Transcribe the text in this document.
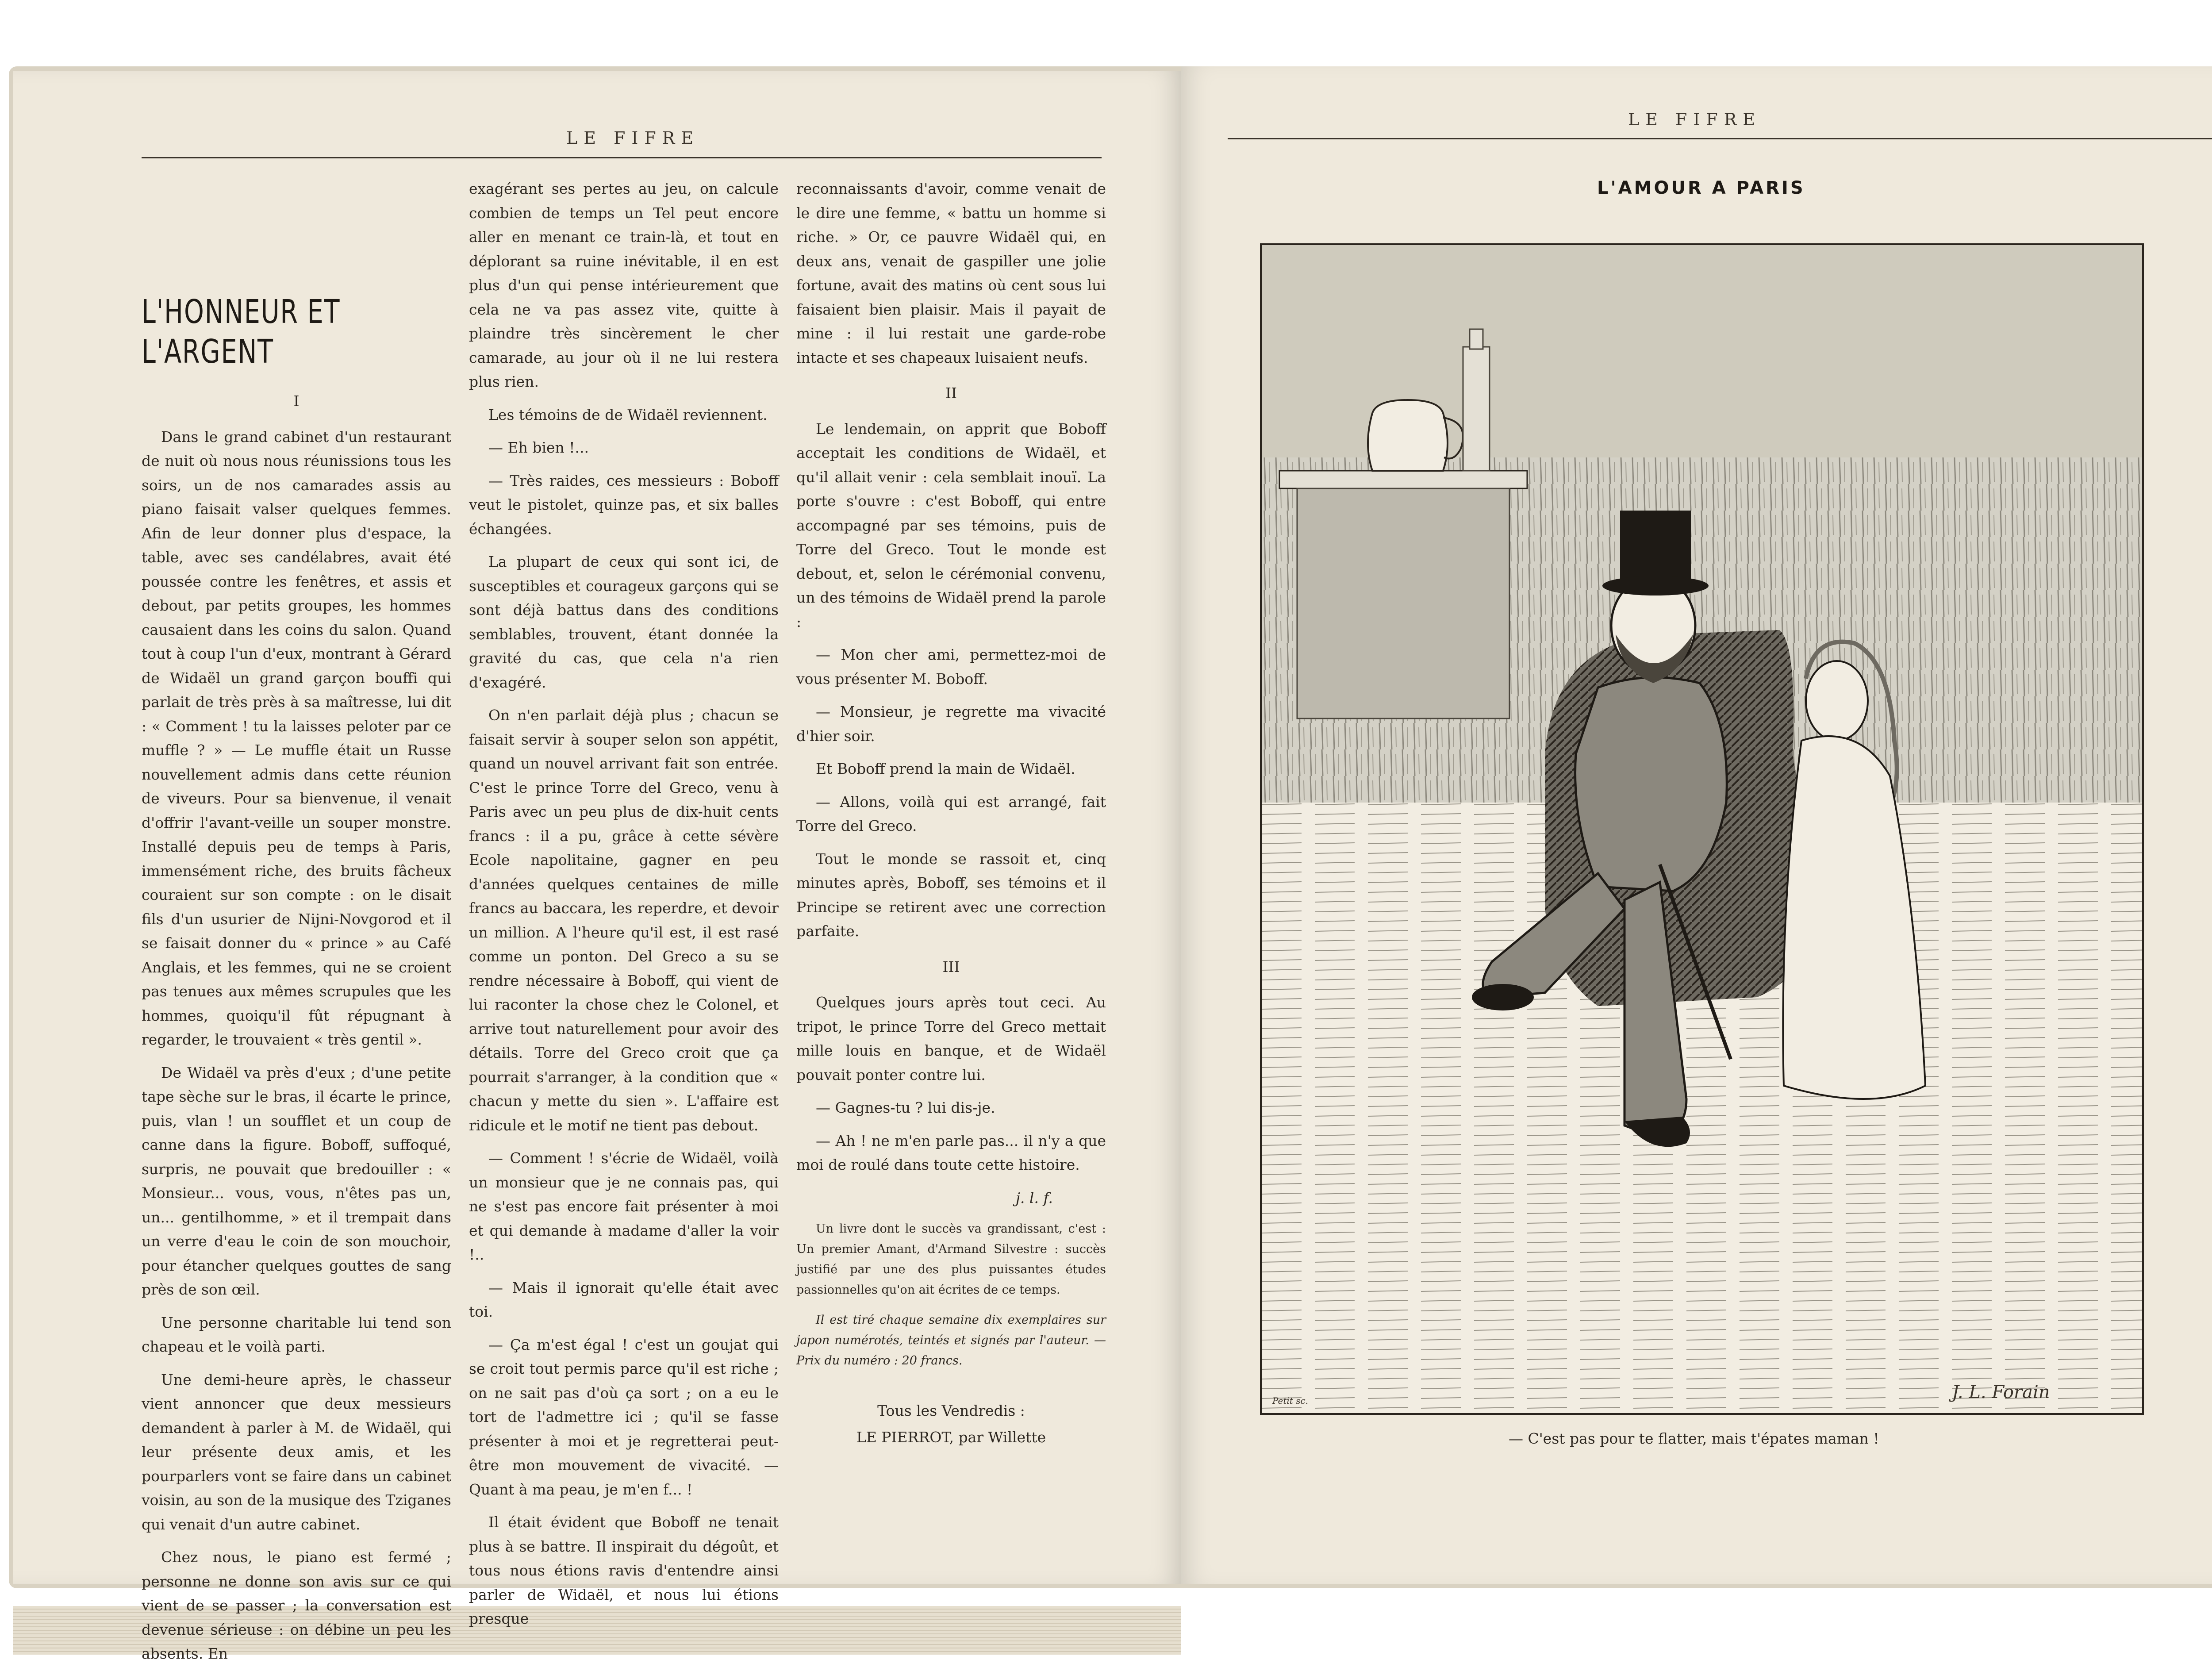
LE FIFRE
L'HONNEUR ET L'ARGENT

I

Dans le grand cabinet d'un restaurant de nuit où nous nous réunissions tous les soirs, un de nos camarades assis au piano faisait valser quelques femmes. Afin de leur donner plus d'espace, la table, avec ses candélabres, avait été poussée contre les fenêtres, et assis et debout, par petits groupes, les hommes causaient dans les coins du salon. Quand tout à coup l'un d'eux, montrant à Gérard de Widaël un grand garçon bouffi qui parlait de très près à sa maîtresse, lui dit : « Comment ! tu la laisses peloter par ce muffle ? » — Le muffle était un Russe nouvellement admis dans cette réunion de viveurs. Pour sa bienvenue, il venait d'offrir l'avant-veille un souper monstre. Installé depuis peu de temps à Paris, immensément riche, des bruits fâcheux couraient sur son compte : on le disait fils d'un usurier de Nijni-Novgorod et il se faisait donner du « prince » au Café Anglais, et les femmes, qui ne se croient pas tenues aux mêmes scrupules que les hommes, quoiqu'il fût répugnant à regarder, le trouvaient « très gentil ».

De Widaël va près d'eux ; d'une petite tape sèche sur le bras, il écarte le prince, puis, vlan ! un soufflet et un coup de canne dans la figure. Boboff, suffoqué, surpris, ne pouvait que bredouiller : « Monsieur... vous, vous, n'êtes pas un, un... gentilhomme, » et il trempait dans un verre d'eau le coin de son mouchoir, pour étancher quelques gouttes de sang près de son œil.

Une personne charitable lui tend son chapeau et le voilà parti.

Une demi-heure après, le chasseur vient annoncer que deux messieurs demandent à parler à M. de Widaël, qui leur présente deux amis, et les pourparlers vont se faire dans un cabinet voisin, au son de la musique des Tziganes qui venait d'un autre cabinet.

Chez nous, le piano est fermé ; personne ne donne son avis sur ce qui vient de se passer ; la conversation est devenue sérieuse : on débine un peu les absents. En

exagérant ses pertes au jeu, on calcule combien de temps un Tel peut encore aller en menant ce train-là, et tout en déplorant sa ruine inévitable, il en est plus d'un qui pense intérieurement que cela ne va pas assez vite, quitte à plaindre très sincèrement le cher camarade, au jour où il ne lui restera plus rien.

Les témoins de de Widaël reviennent.

— Eh bien !...

— Très raides, ces messieurs : Boboff veut le pistolet, quinze pas, et six balles échangées.

La plupart de ceux qui sont ici, de susceptibles et courageux garçons qui se sont déjà battus dans des conditions semblables, trouvent, étant donnée la gravité du cas, que cela n'a rien d'exagéré.

On n'en parlait déjà plus ; chacun se faisait servir à souper selon son appétit, quand un nouvel arrivant fait son entrée. C'est le prince Torre del Greco, venu à Paris avec un peu plus de dix-huit cents francs : il a pu, grâce à cette sévère Ecole napolitaine, gagner en peu d'années quelques centaines de mille francs au baccara, les reperdre, et devoir un million. A l'heure qu'il est, il est rasé comme un ponton. Del Greco a su se rendre nécessaire à Boboff, qui vient de lui raconter la chose chez le Colonel, et arrive tout naturellement pour avoir des détails. Torre del Greco croit que ça pourrait s'arranger, à la condition que « chacun y mette du sien ». L'affaire est ridicule et le motif ne tient pas debout.

— Comment ! s'écrie de Widaël, voilà un monsieur que je ne connais pas, qui ne s'est pas encore fait présenter à moi et qui demande à madame d'aller la voir !..

— Mais il ignorait qu'elle était avec toi.

— Ça m'est égal ! c'est un goujat qui se croit tout permis parce qu'il est riche ; on ne sait pas d'où ça sort ; on a eu le tort de l'admettre ici ; qu'il se fasse présenter à moi et je regretterai peut-être mon mouvement de vivacité. — Quant à ma peau, je m'en f... !

Il était évident que Boboff ne tenait plus à se battre. Il inspirait du dégoût, et tous nous étions ravis d'entendre ainsi parler de Widaël, et nous lui étions presque

reconnaissants d'avoir, comme venait de le dire une femme, « battu un homme si riche. » Or, ce pauvre Widaël qui, en deux ans, venait de gaspiller une jolie fortune, avait des matins où cent sous lui faisaient bien plaisir. Mais il payait de mine : il lui restait une garde-robe intacte et ses chapeaux luisaient neufs.

II

Le lendemain, on apprit que Boboff acceptait les conditions de Widaël, et qu'il allait venir : cela semblait inouï. La porte s'ouvre : c'est Boboff, qui entre accompagné par ses témoins, puis de Torre del Greco. Tout le monde est debout, et, selon le cérémonial convenu, un des témoins de Widaël prend la parole :

— Mon cher ami, permettez-moi de vous présenter M. Boboff.

— Monsieur, je regrette ma vivacité d'hier soir.

Et Boboff prend la main de Widaël.

— Allons, voilà qui est arrangé, fait Torre del Greco.

Tout le monde se rassoit et, cinq minutes après, Boboff, ses témoins et il Principe se retirent avec une correction parfaite.

III

Quelques jours après tout ceci. Au tripot, le prince Torre del Greco mettait mille louis en banque, et de Widaël pouvait ponter contre lui.

— Gagnes-tu ? lui dis-je.

— Ah ! ne m'en parle pas... il n'y a que moi de roulé dans toute cette histoire.

j. l. f.

Un livre dont le succès va grandissant, c'est : Un premier Amant, d'Armand Silvestre : succès justifié par une des plus puissantes études passionnelles qu'on ait écrites de ce temps.

Il est tiré chaque semaine dix exemplaires sur japon numérotés, teintés et signés par l'auteur. — Prix du numéro : 20 francs.

Tous les Vendredis :
LE PIERROT, par Willette
LE FIFRE
L'AMOUR A PARIS
Petit sc.	J. L. Forain
— C'est pas pour te flatter, mais t'épates maman !
